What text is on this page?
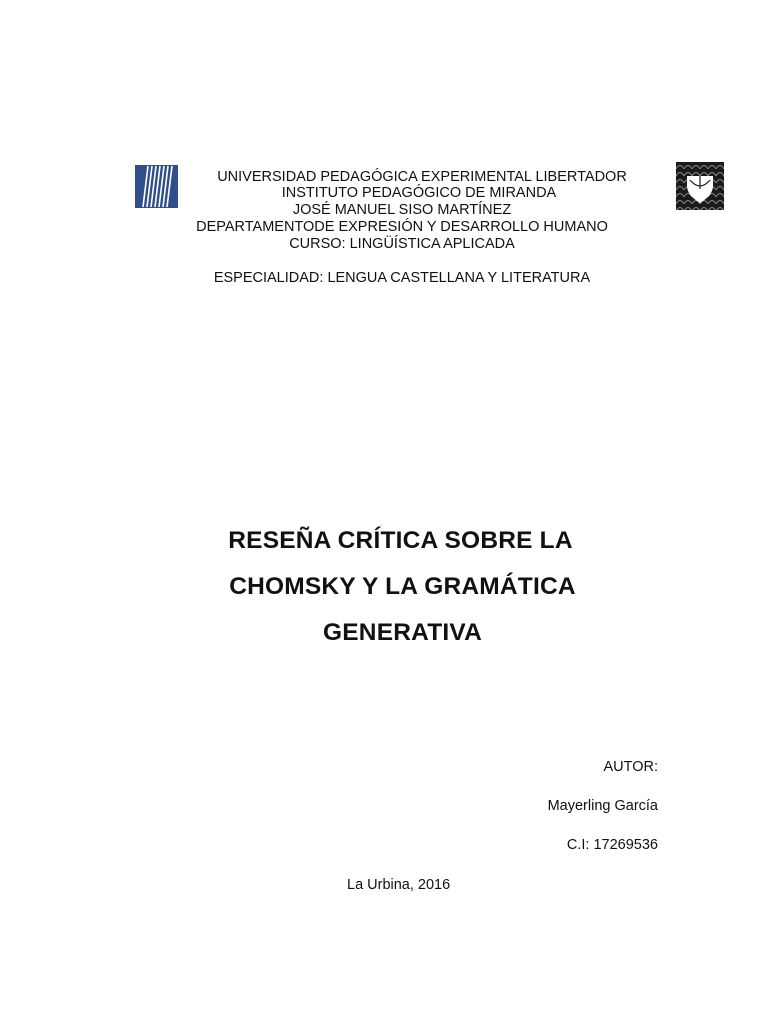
UNIVERSIDAD PEDAGÓGICA EXPERIMENTAL LIBERTADOR
INSTITUTO PEDAGÓGICO DE MIRANDA
JOSÉ MANUEL SISO MARTÍNEZ
DEPARTAMENTODE EXPRESIÓN Y DESARROLLO HUMANO
CURSO: LINGÜÍSTICA APLICADA
ESPECIALIDAD: LENGUA CASTELLANA Y LITERATURA
RESEÑA CRÍTICA SOBRE LA
CHOMSKY Y LA GRAMÁTICA
GENERATIVA
AUTOR:
Mayerling García
C.I: 17269536
La Urbina, 2016
